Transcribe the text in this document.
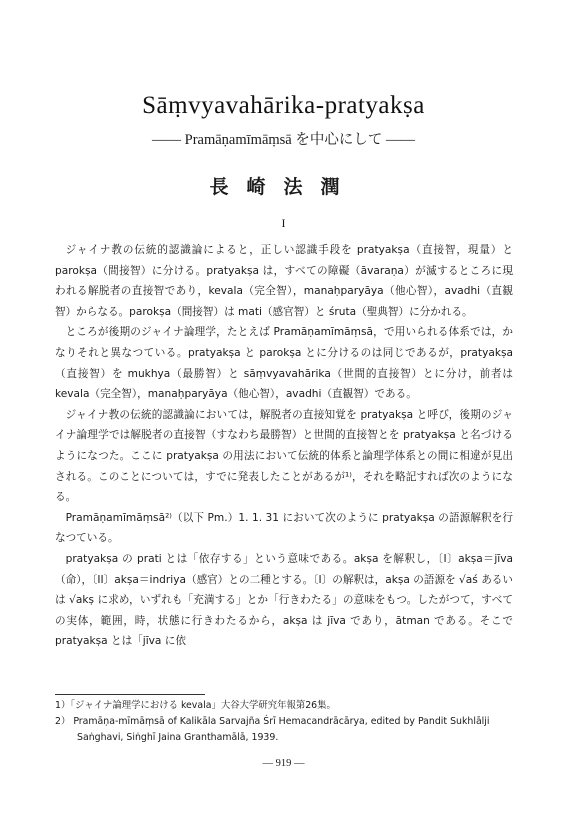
Sāṃvyavahārika-pratyakṣa
—— Pramāṇamīmāṃsā を中心にして ——
長崎法潤
I

ジャイナ教の伝統的認識論によると，正しい認識手段を pratyakṣa（直接智，現量）と parokṣa（間接智）に分ける。pratyakṣa は，すべての障礙（āvaraṇa）が滅するところに現われる解脱者の直接智であり，kevala（完全智），manaḥparyāya（他心智），avadhi（直観智）からなる。parokṣa（間接智）は mati（感官智）と śruta（聖典智）に分かれる。

ところが後期のジャイナ論理学，たとえば Pramāṇamīmāṃsā，で用いられる体系では，かなりそれと異なつている。pratyakṣa と parokṣa とに分けるのは同じであるが，pratyakṣa（直接智）を mukhya（最勝智）と sāṃvyavahārika（世間的直接智）とに分け，前者は kevala（完全智），manaḥparyāya（他心智），avadhi（直観智）である。

ジャイナ教の伝統的認識論においては，解脱者の直接知覚を pratyakṣa と呼び，後期のジャイナ論理学では解脱者の直接智（すなわち最勝智）と世間的直接智とを pratyakṣa と名づけるようになつた。ここに pratyakṣa の用法において伝統的体系と論理学体系との間に相違が見出される。このことについては，すでに発表したことがあるが¹⁾，それを略記すれば次のようになる。

Pramāṇamīmāṃsā²⁾（以下 Pm.）1. 1. 31 において次のように pratyakṣa の語源解釈を行なつている。

pratyakṣa の prati とは「依存する」という意味である。akṣa を解釈し，〔I〕akṣa＝jīva（命），〔II〕akṣa＝indriya（感官）との二種とする。〔I〕の解釈は，akṣa の語源を √aś あるいは √akṣ に求め，いずれも「充満する」とか「行きわたる」の意味をもつ。したがつて，すべての実体，範囲，時，状態に行きわたるから，akṣa は jīva であり，ātman である。そこで pratyakṣa とは「jīva に依

1）「ジャイナ論理学における kevala」大谷大学研究年報第26集。

2） Pramāṇa-mīmāṃsā of Kalikāla Sarvajña Śrī Hemacandrācārya, edited by Pandit Sukhlālji Saṅghavi, Siṅghī Jaina Granthamālā, 1939.

— 919 —
